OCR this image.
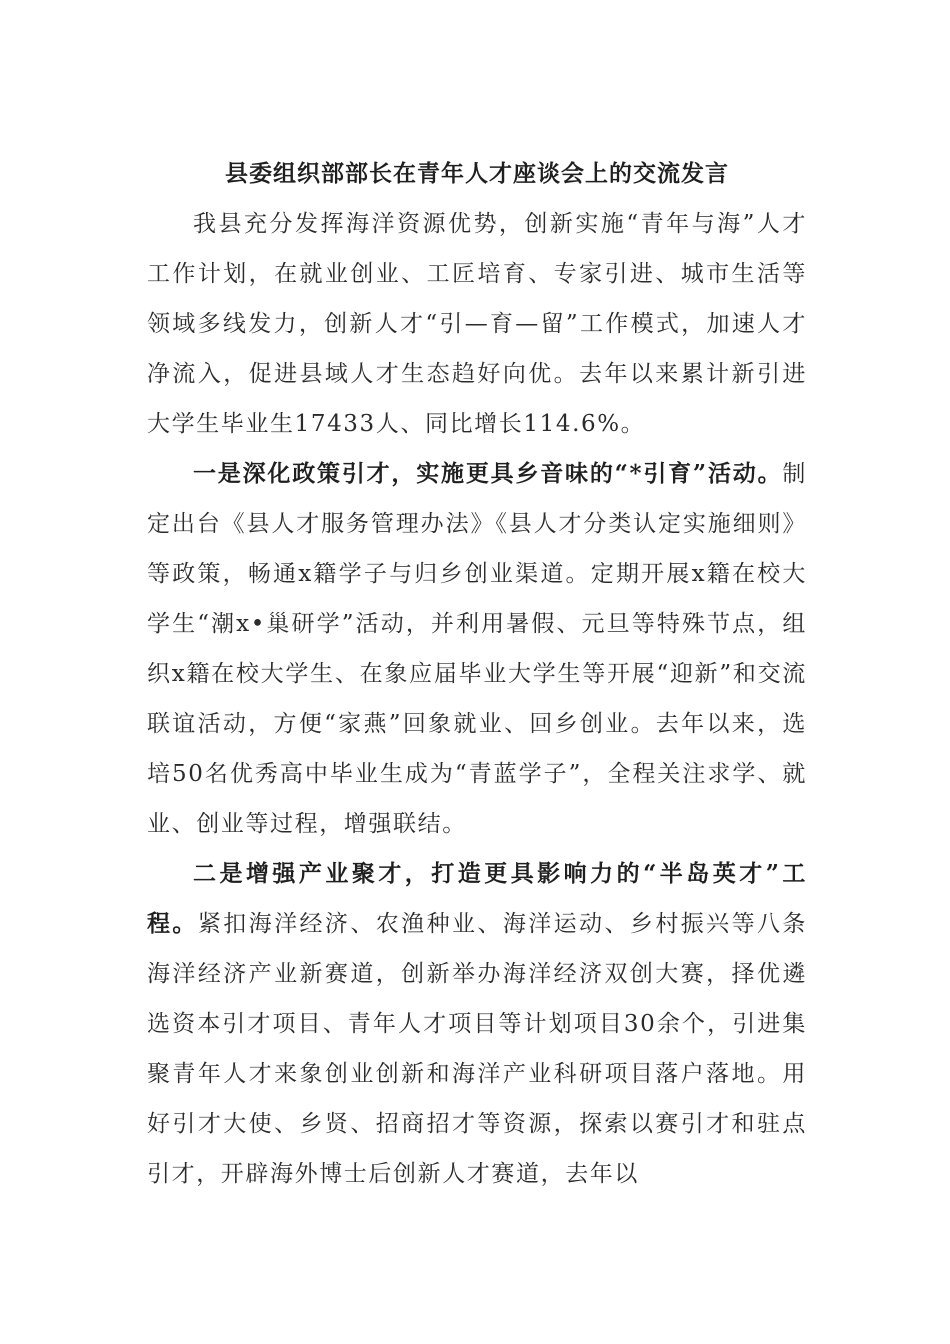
县委组织部部长在青年人才座谈会上的交流发言

我县充分发挥海洋资源优势，创新实施“青年与海”人才工作计划，在就业创业、工匠培育、专家引进、城市生活等领域多线发力，创新人才“引—育—留”工作模式，加速人才净流入，促进县域人才生态趋好向优。去年以来累计新引进大学生毕业生17433人、同比增长114.6%。

一是深化政策引才，实施更具乡音味的“*引育”活动。制定出台《县人才服务管理办法》《县人才分类认定实施细则》等政策，畅通x籍学子与归乡创业渠道。定期开展x籍在校大学生“潮x•巢研学”活动，并利用暑假、元旦等特殊节点，组织x籍在校大学生、在象应届毕业大学生等开展“迎新”和交流联谊活动，方便“家燕”回象就业、回乡创业。去年以来，选培50名优秀高中毕业生成为“青蓝学子”，全程关注求学、就业、创业等过程，增强联结。

二是增强产业聚才，打造更具影响力的“半岛英才”工程。紧扣海洋经济、农渔种业、海洋运动、乡村振兴等八条海洋经济产业新赛道，创新举办海洋经济双创大赛，择优遴选资本引才项目、青年人才项目等计划项目30余个，引进集聚青年人才来象创业创新和海洋产业科研项目落户落地。用好引才大使、乡贤、招商招才等资源，探索以赛引才和驻点引才，开辟海外博士后创新人才赛道，去年以
